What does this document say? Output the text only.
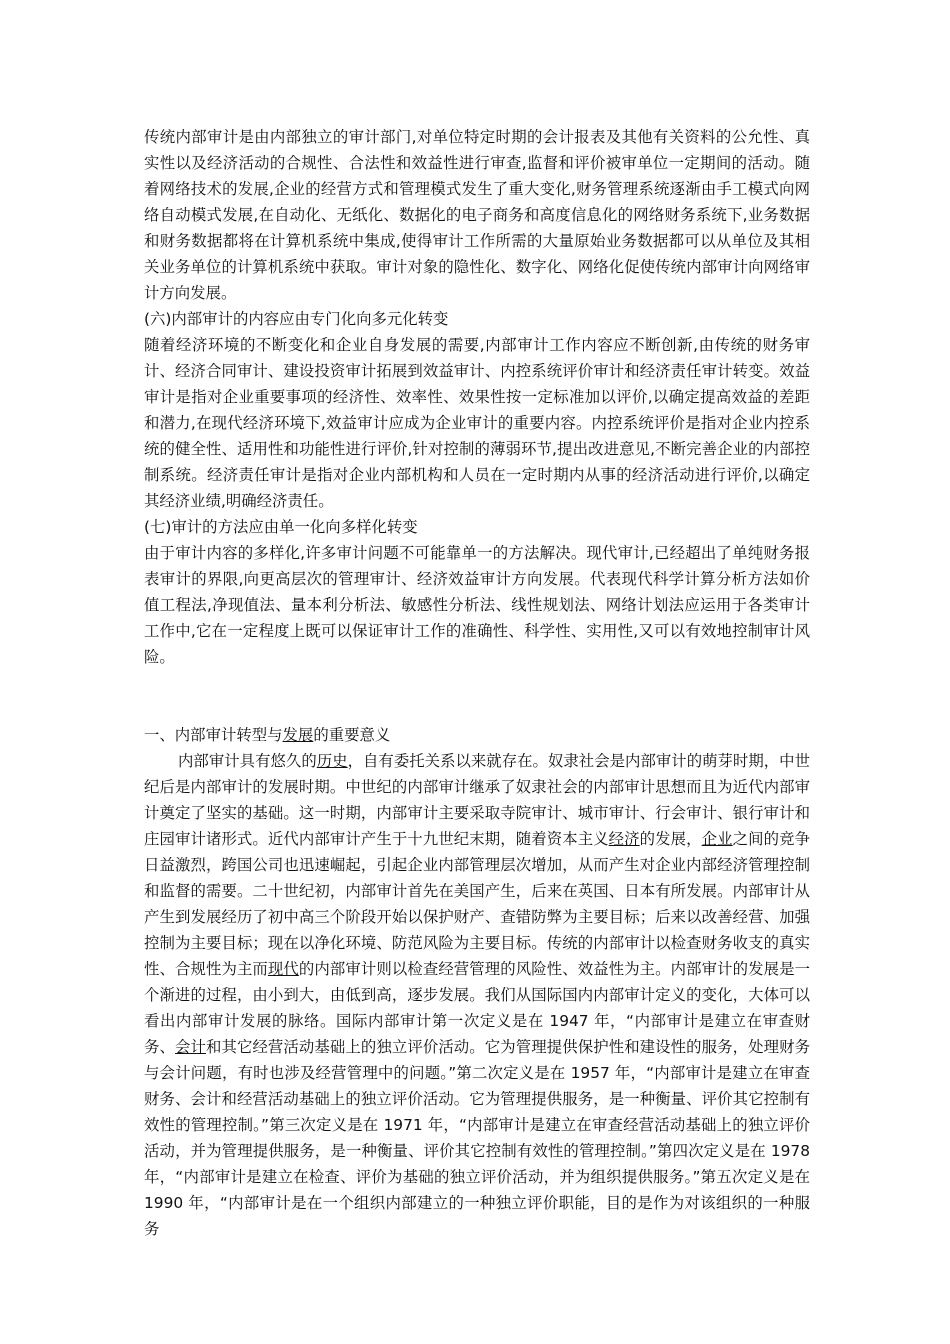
传统内部审计是由内部独立的审计部门,对单位特定时期的会计报表及其他有关资料的公允性、真实性以及经济活动的合规性、合法性和效益性进行审查,监督和评价被审单位一定期间的活动。随着网络技术的发展,企业的经营方式和管理模式发生了重大变化,财务管理系统逐渐由手工模式向网络自动模式发展,在自动化、无纸化、数据化的电子商务和高度信息化的网络财务系统下,业务数据和财务数据都将在计算机系统中集成,使得审计工作所需的大量原始业务数据都可以从单位及其相关业务单位的计算机系统中获取。审计对象的隐性化、数字化、网络化促使传统内部审计向网络审计方向发展。

(六)内部审计的内容应由专门化向多元化转变

随着经济环境的不断变化和企业自身发展的需要,内部审计工作内容应不断创新,由传统的财务审计、经济合同审计、建设投资审计拓展到效益审计、内控系统评价审计和经济责任审计转变。效益审计是指对企业重要事项的经济性、效率性、效果性按一定标准加以评价,以确定提高效益的差距和潜力,在现代经济环境下,效益审计应成为企业审计的重要内容。内控系统评价是指对企业内控系统的健全性、适用性和功能性进行评价,针对控制的薄弱环节,提出改进意见,不断完善企业的内部控制系统。经济责任审计是指对企业内部机构和人员在一定时期内从事的经济活动进行评价,以确定其经济业绩,明确经济责任。

(七)审计的方法应由单一化向多样化转变

由于审计内容的多样化,许多审计问题不可能靠单一的方法解决。现代审计,已经超出了单纯财务报表审计的界限,向更高层次的管理审计、经济效益审计方向发展。代表现代科学计算分析方法如价值工程法,净现值法、量本利分析法、敏感性分析法、线性规划法、网络计划法应运用于各类审计工作中,它在一定程度上既可以保证审计工作的准确性、科学性、实用性,又可以有效地控制审计风险。

一、内部审计转型与发展的重要意义

内部审计具有悠久的历史，自有委托关系以来就存在。奴隶社会是内部审计的萌芽时期，中世纪后是内部审计的发展时期。中世纪的内部审计继承了奴隶社会的内部审计思想而且为近代内部审计奠定了坚实的基础。这一时期，内部审计主要采取寺院审计、城市审计、行会审计、银行审计和庄园审计诸形式。近代内部审计产生于十九世纪末期，随着资本主义经济的发展，企业之间的竞争日益激烈，跨国公司也迅速崛起，引起企业内部管理层次增加，从而产生对企业内部经济管理控制和监督的需要。二十世纪初，内部审计首先在美国产生，后来在英国、日本有所发展。内部审计从产生到发展经历了初中高三个阶段开始以保护财产、查错防弊为主要目标；后来以改善经营、加强控制为主要目标；现在以净化环境、防范风险为主要目标。传统的内部审计以检查财务收支的真实性、合规性为主而现代的内部审计则以检查经营管理的风险性、效益性为主。内部审计的发展是一个渐进的过程，由小到大，由低到高，逐步发展。我们从国际国内内部审计定义的变化，大体可以看出内部审计发展的脉络。国际内部审计第一次定义是在 1947 年，“内部审计是建立在审查财务、会计和其它经营活动基础上的独立评价活动。它为管理提供保护性和建设性的服务，处理财务与会计问题，有时也涉及经营管理中的问题。”第二次定义是在 1957 年，“内部审计是建立在审查财务、会计和经营活动基础上的独立评价活动。它为管理提供服务，是一种衡量、评价其它控制有效性的管理控制。”第三次定义是在 1971 年，“内部审计是建立在审查经营活动基础上的独立评价活动，并为管理提供服务，是一种衡量、评价其它控制有效性的管理控制。”第四次定义是在 1978 年，“内部审计是建立在检查、评价为基础的独立评价活动，并为组织提供服务。”第五次定义是在 1990 年，“内部审计是在一个组织内部建立的一种独立评价职能，目的是作为对该组织的一种服务
